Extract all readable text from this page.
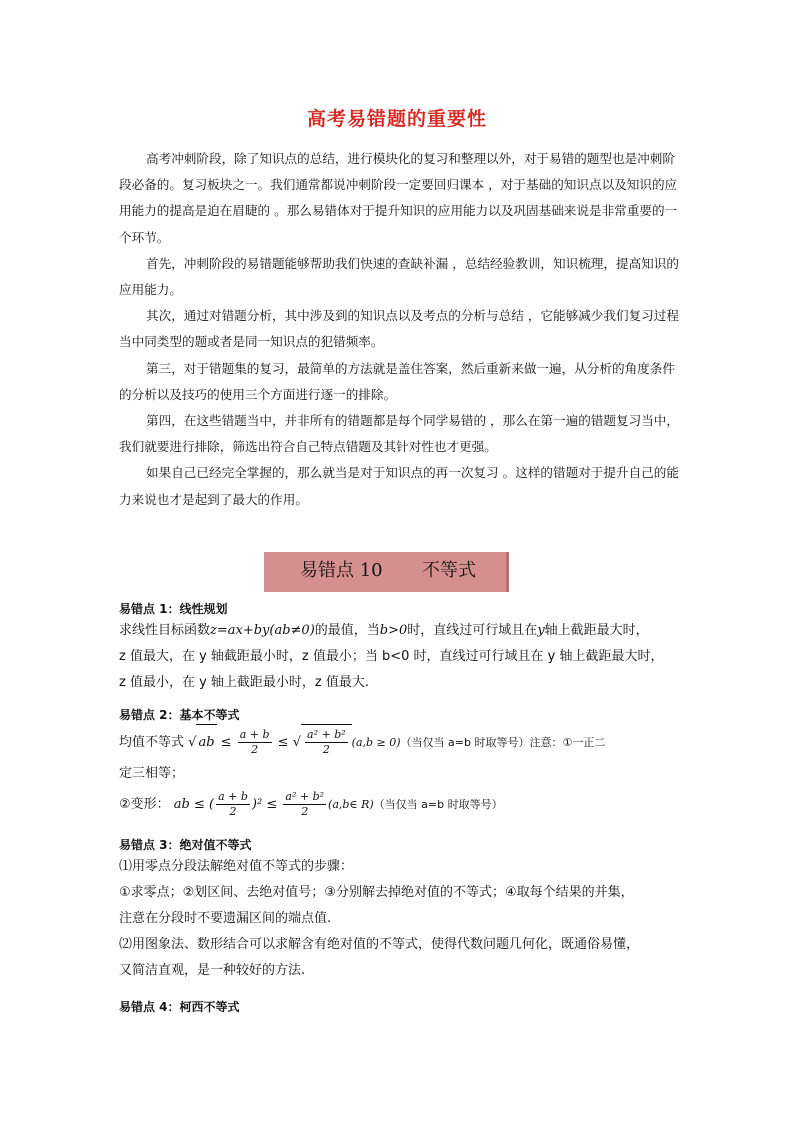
高考易错题的重要性

高考冲刺阶段，除了知识点的总结，进行模块化的复习和整理以外，对于易错的题型也是冲刺阶段必备的。复习板块之一。我们通常都说冲刺阶段一定要回归课本 ，对于基础的知识点以及知识的应用能力的提高是迫在眉睫的 。那么易错体对于提升知识的应用能力以及巩固基础来说是非常重要的一个环节。

首先，冲刺阶段的易错题能够帮助我们快速的查缺补漏 ，总结经验教训，知识梳理，提高知识的应用能力。

其次，通过对错题分析，其中涉及到的知识点以及考点的分析与总结 ，它能够减少我们复习过程当中同类型的题或者是同一知识点的犯错频率。

第三，对于错题集的复习，最简单的方法就是盖住答案，然后重新来做一遍，从分析的角度条件的分析以及技巧的使用三个方面进行逐一的排除。

第四，在这些错题当中，并非所有的错题都是每个同学易错的 ，那么在第一遍的错题复习当中，我们就要进行排除，筛选出符合自己特点错题及其针对性也才更强。

如果自己已经完全掌握的，那么就当是对于知识点的再一次复习 。这样的错题对于提升自己的能力来说也才是起到了最大的作用。

易错点 10 不等式

易错点 1：线性规划

求线性目标函数z=ax+by(ab≠0)的最值，当b>0时，直线过可行域且在y轴上截距最大时，

z 值最大，在 y 轴截距最小时，z 值最小；当 b<0 时，直线过可行域且在 y 轴上截距最大时，

z 值最小，在 y 轴上截距最小时，z 值最大.

易错点 2：基本不等式

均值不等式 √ ab ≤ $\frac{a + b}{2}$ ≤ √ $\frac{\text{a² + b²}}{2} (a,b \ge 0)$（当仅当 a=b 时取等号）注意：①一正二

定三相等；

②变形： ab ≤ ( $\frac{a + b}{2} )^2 \le \frac{\text{a² + b²}}{2}$ (a,b∈ R)（当仅当 a=b 时取等号）

易错点 3：绝对值不等式

⑴用零点分段法解绝对值不等式的步骤：

①求零点；②划区间、去绝对值号；③分别解去掉绝对值的不等式；④取每个结果的并集，

注意在分段时不要遗漏区间的端点值.

⑵用图象法、数形结合可以求解含有绝对值的不等式，使得代数问题几何化，既通俗易懂，

又简洁直观，是一种较好的方法.

易错点 4：柯西不等式
